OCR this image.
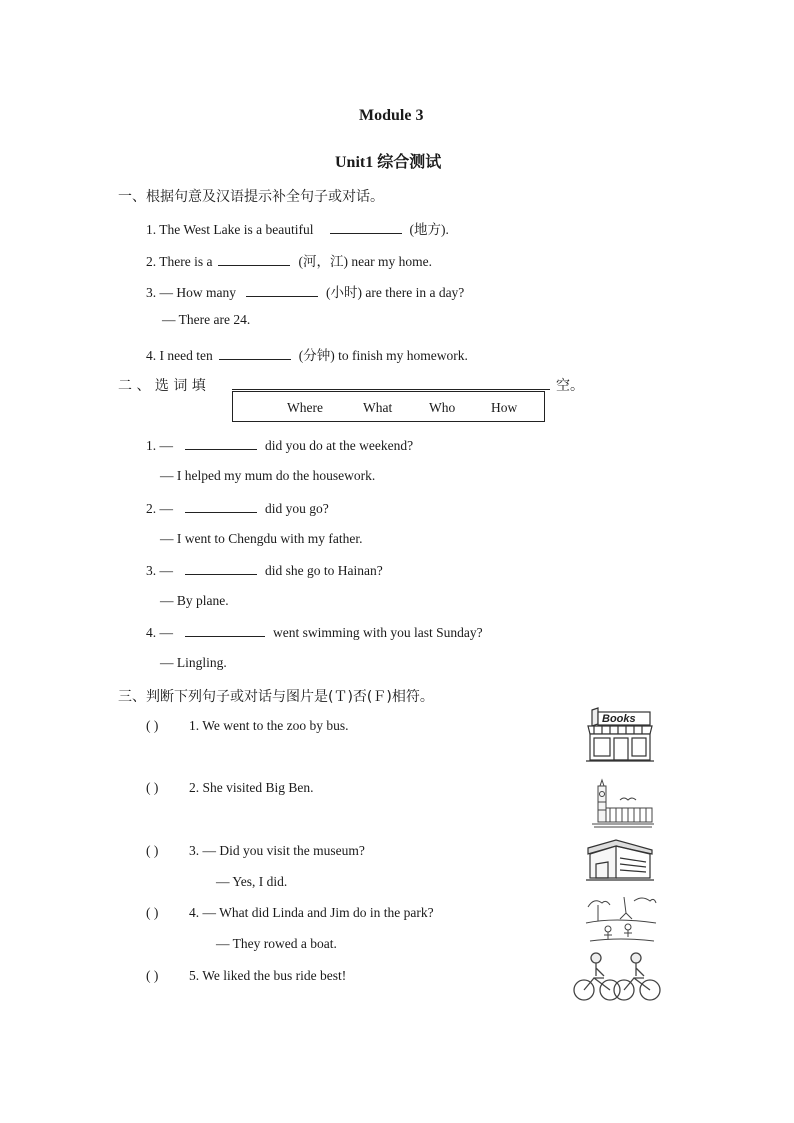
Module 3
Unit1 综合测试
一、根据句意及汉语提示补全句子或对话。
1. The West Lake is a beautiful	(地方).
2. There is a	(河，江) near my home.
3. — How many	(小时) are there in a day?
— There are 24.
4. I need ten	(分钟) to finish my homework.
二 、 选 词 填	空。
Where	What	Who	How
1. —	did you do at the weekend?
— I helped my mum do the housework.
2. —	did you go?
— I went to Chengdu with my father.
3. —	did she go to Hainan?
— By plane.
4. —	went swimming with you last Sunday?
— Lingling.
三、判断下列句子或对话与图片是(Ｔ)否(Ｆ)相符。
( ) 1. We went to the zoo by bus.
( ) 2. She visited Big Ben.
( ) 3. — Did you visit the museum?
— Yes, I did.
( ) 4. — What did Linda and Jim do in the park?
— They rowed a boat.
( ) 5. We liked the bus ride best!
Books
